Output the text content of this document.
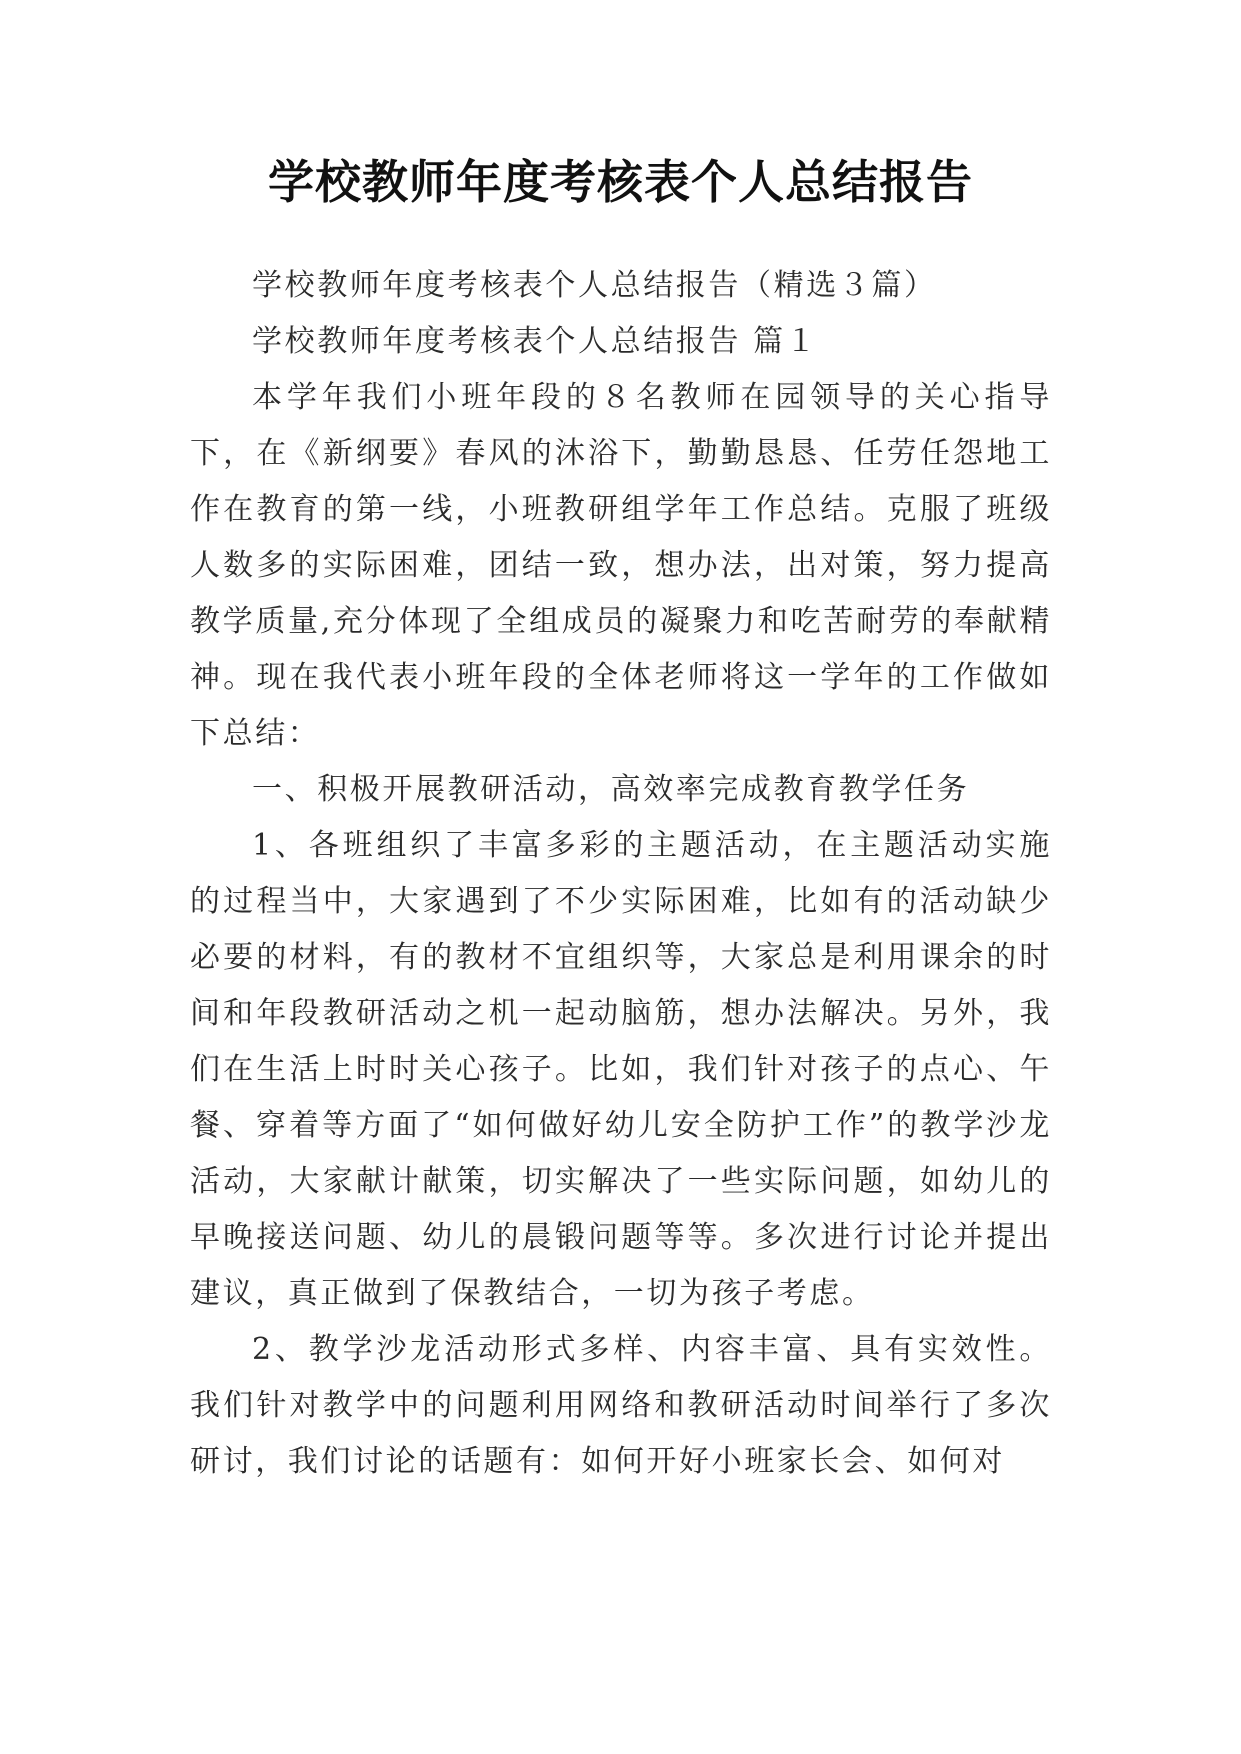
学校教师年度考核表个人总结报告

学校教师年度考核表个人总结报告（精选３篇）

学校教师年度考核表个人总结报告 篇１

本学年我们小班年段的８名教师在园领导的关心指导下，在《新纲要》春风的沐浴下，勤勤恳恳、任劳任怨地工作在教育的第一线，小班教研组学年工作总结。克服了班级人数多的实际困难，团结一致，想办法，出对策，努力提高教学质量,充分体现了全组成员的凝聚力和吃苦耐劳的奉献精神。现在我代表小班年段的全体老师将这一学年的工作做如下总结：

一、积极开展教研活动，高效率完成教育教学任务

1、各班组织了丰富多彩的主题活动，在主题活动实施的过程当中，大家遇到了不少实际困难，比如有的活动缺少必要的材料，有的教材不宜组织等，大家总是利用课余的时间和年段教研活动之机一起动脑筋，想办法解决。另外，我们在生活上时时关心孩子。比如，我们针对孩子的点心、午餐、穿着等方面了“如何做好幼儿安全防护工作”的教学沙龙活动，大家献计献策，切实解决了一些实际问题，如幼儿的早晚接送问题、幼儿的晨锻问题等等。多次进行讨论并提出建议，真正做到了保教结合，一切为孩子考虑。

2、教学沙龙活动形式多样、内容丰富、具有实效性。我们针对教学中的问题利用网络和教研活动时间举行了多次研讨，我们讨论的话题有：如何开好小班家长会、如何对
